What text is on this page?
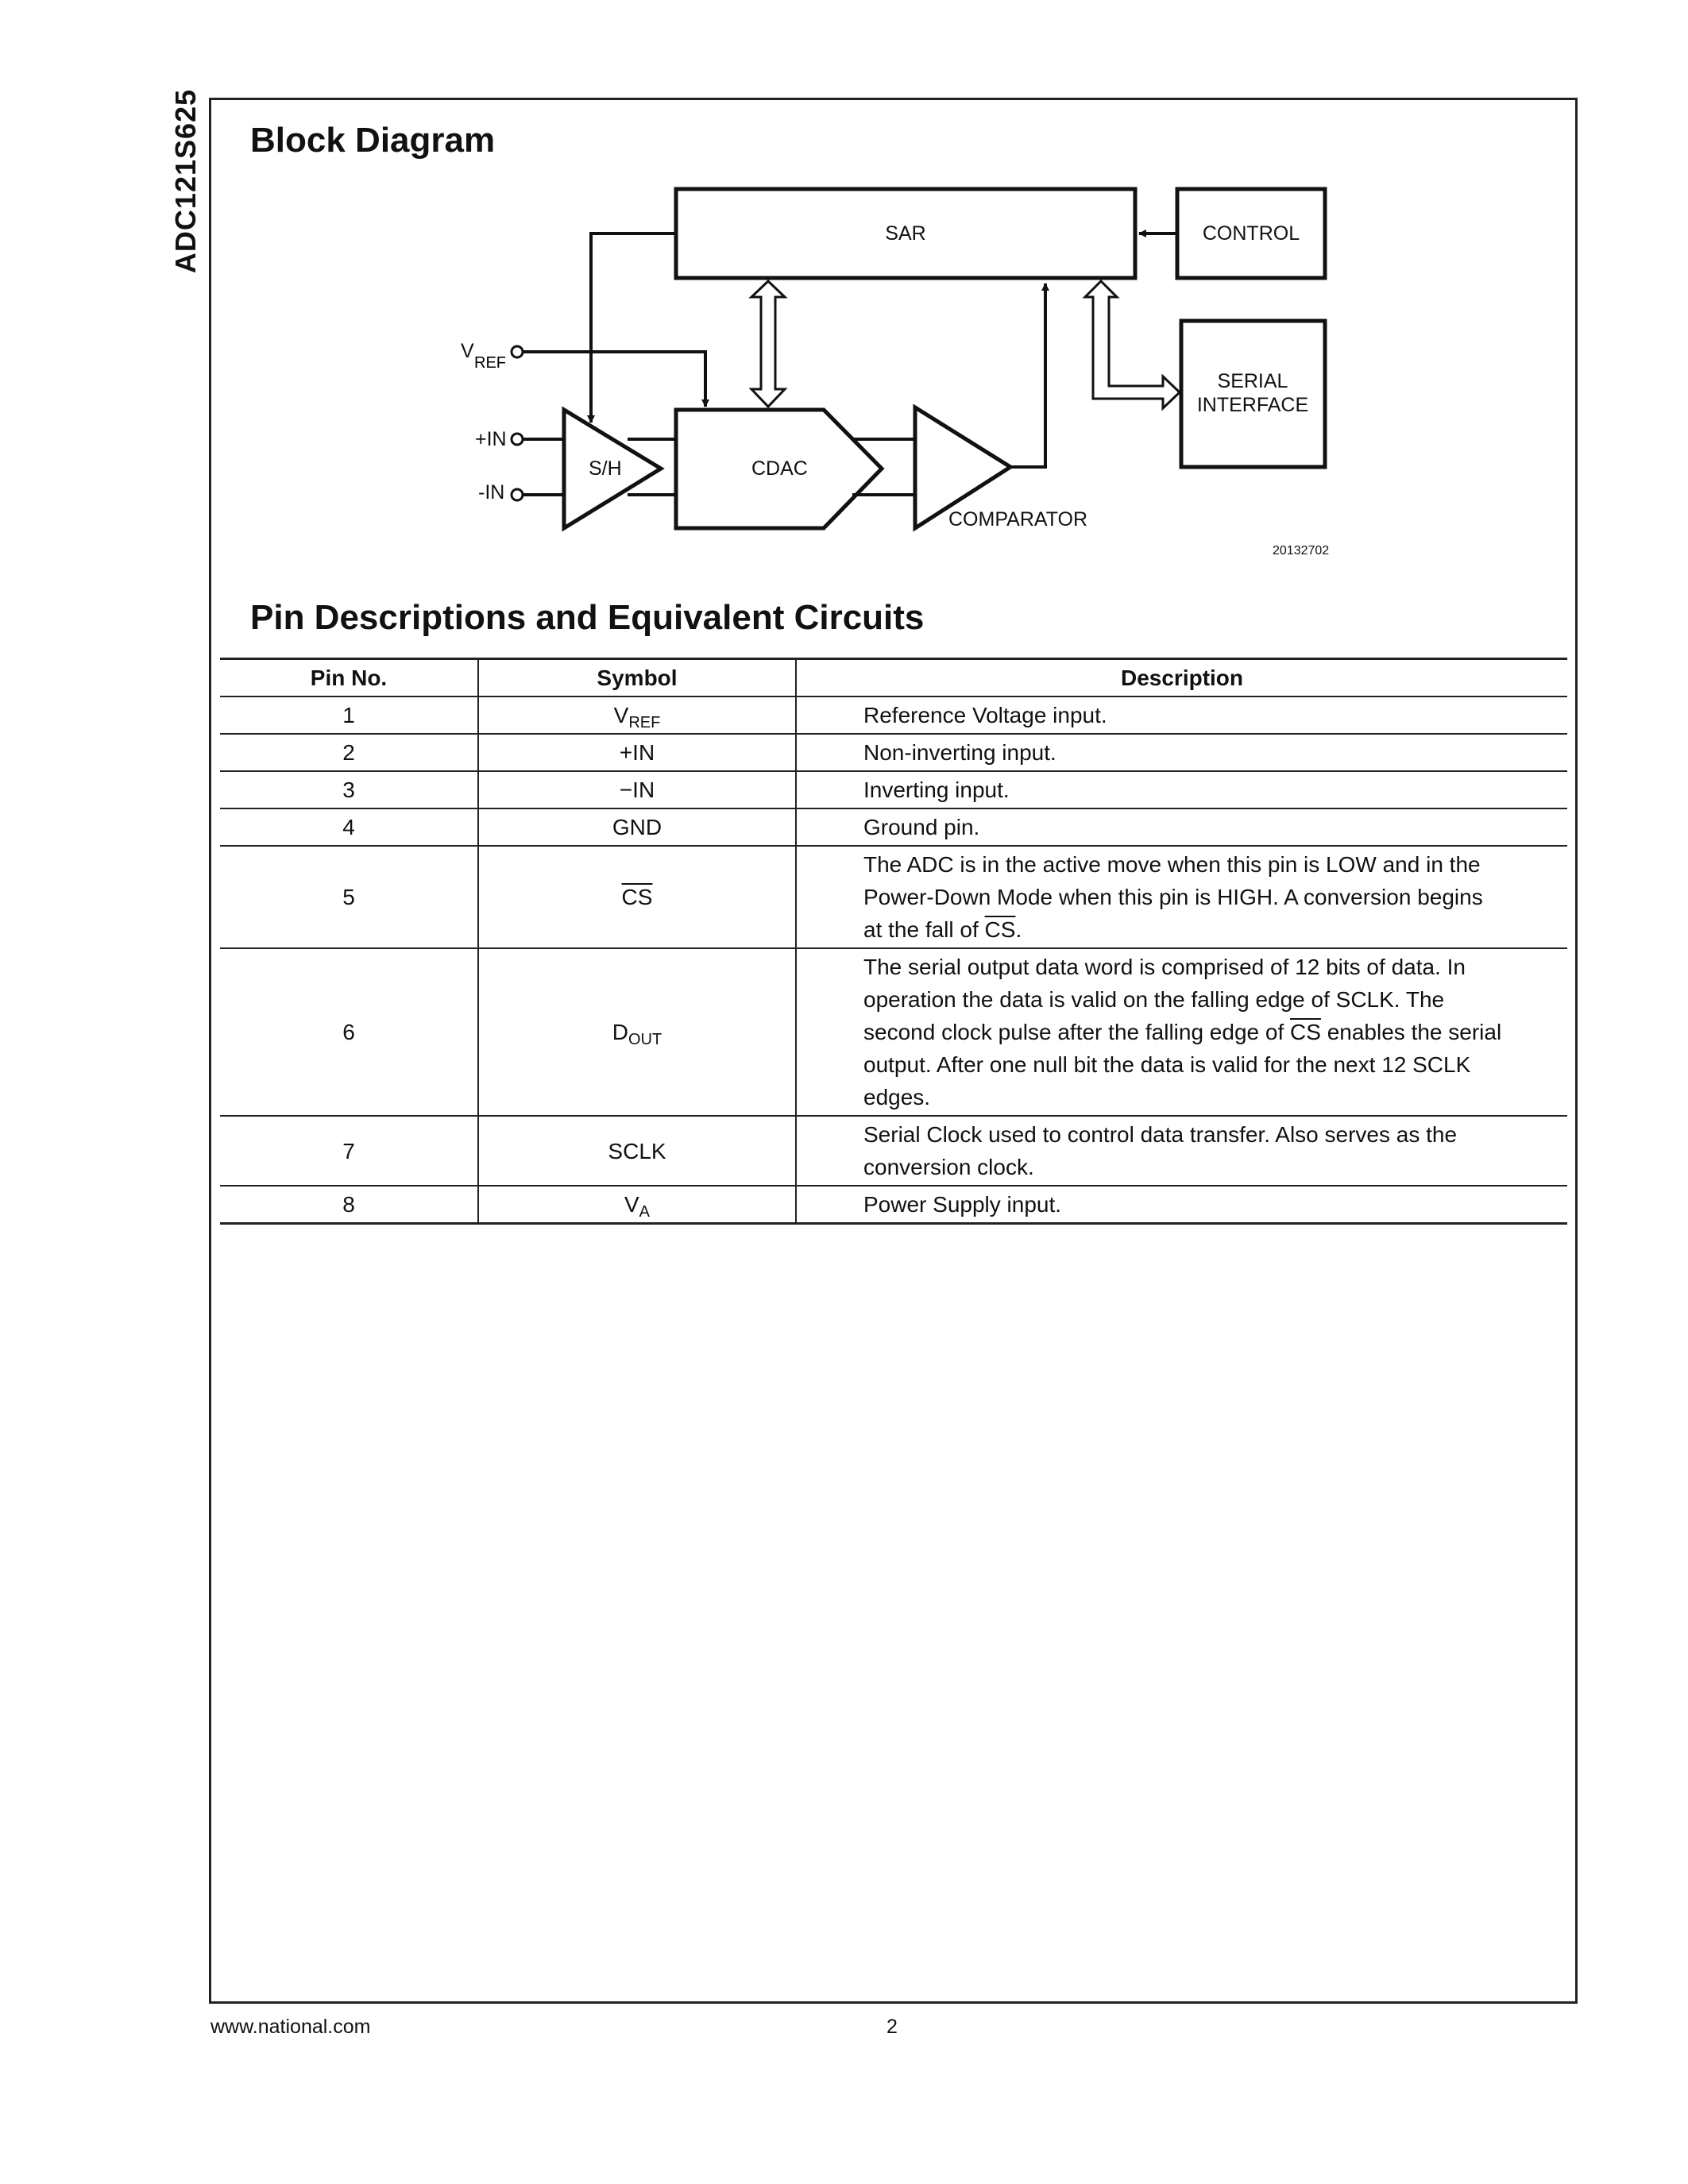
ADC121S625 Block Diagram
SAR	CONTROL
SERIAL
INTERFACE
V
REF
+IN
-IN
S/H	CDAC
COMPARATOR
20132702
Pin Descriptions and Equivalent Circuits
Pin No.	Symbol	Description
1	$V_{REF}$	Reference Voltage input.
2	+IN	Non-inverting input.
3	−IN	Inverting input.
4	GND	Ground pin.
5	$\overline{CS}$	The ADC is in the active move when this pin is LOW and in the Power-Down Mode when this pin is HIGH. A conversion begins at the fall of $\overline{CS}$.
6	$D_{OUT}$	The serial output data word is comprised of 12 bits of data. In operation the data is valid on the falling edge of SCLK. The second clock pulse after the falling edge of $\overline{CS}$ enables the serial output. After one null bit the data is valid for the next 12 SCLK edges.
7	SCLK	Serial Clock used to control data transfer. Also serves as the conversion clock.
8	$V_A$	Power Supply input.
www.national.com	2
